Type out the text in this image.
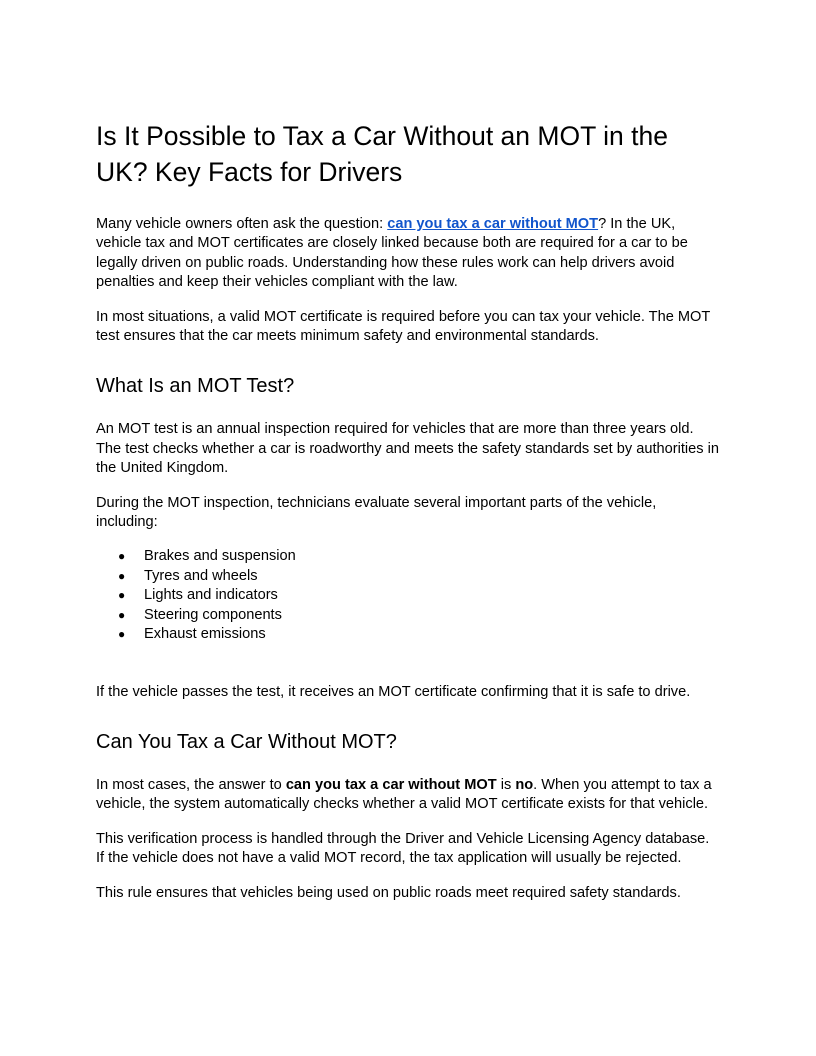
Is It Possible to Tax a Car Without an MOT in the UK? Key Facts for Drivers

Many vehicle owners often ask the question: can you tax a car without MOT? In the UK, vehicle tax and MOT certificates are closely linked because both are required for a car to be legally driven on public roads. Understanding how these rules work can help drivers avoid penalties and keep their vehicles compliant with the law.

In most situations, a valid MOT certificate is required before you can tax your vehicle. The MOT test ensures that the car meets minimum safety and environmental standards.

What Is an MOT Test?

An MOT test is an annual inspection required for vehicles that are more than three years old. The test checks whether a car is roadworthy and meets the safety standards set by authorities in the United Kingdom.

During the MOT inspection, technicians evaluate several important parts of the vehicle, including:

● Brakes and suspension
● Tyres and wheels
● Lights and indicators
● Steering components
● Exhaust emissions

If the vehicle passes the test, it receives an MOT certificate confirming that it is safe to drive.

Can You Tax a Car Without MOT?

In most cases, the answer to can you tax a car without MOT is no. When you attempt to tax a vehicle, the system automatically checks whether a valid MOT certificate exists for that vehicle.

This verification process is handled through the Driver and Vehicle Licensing Agency database. If the vehicle does not have a valid MOT record, the tax application will usually be rejected.

This rule ensures that vehicles being used on public roads meet required safety standards.
